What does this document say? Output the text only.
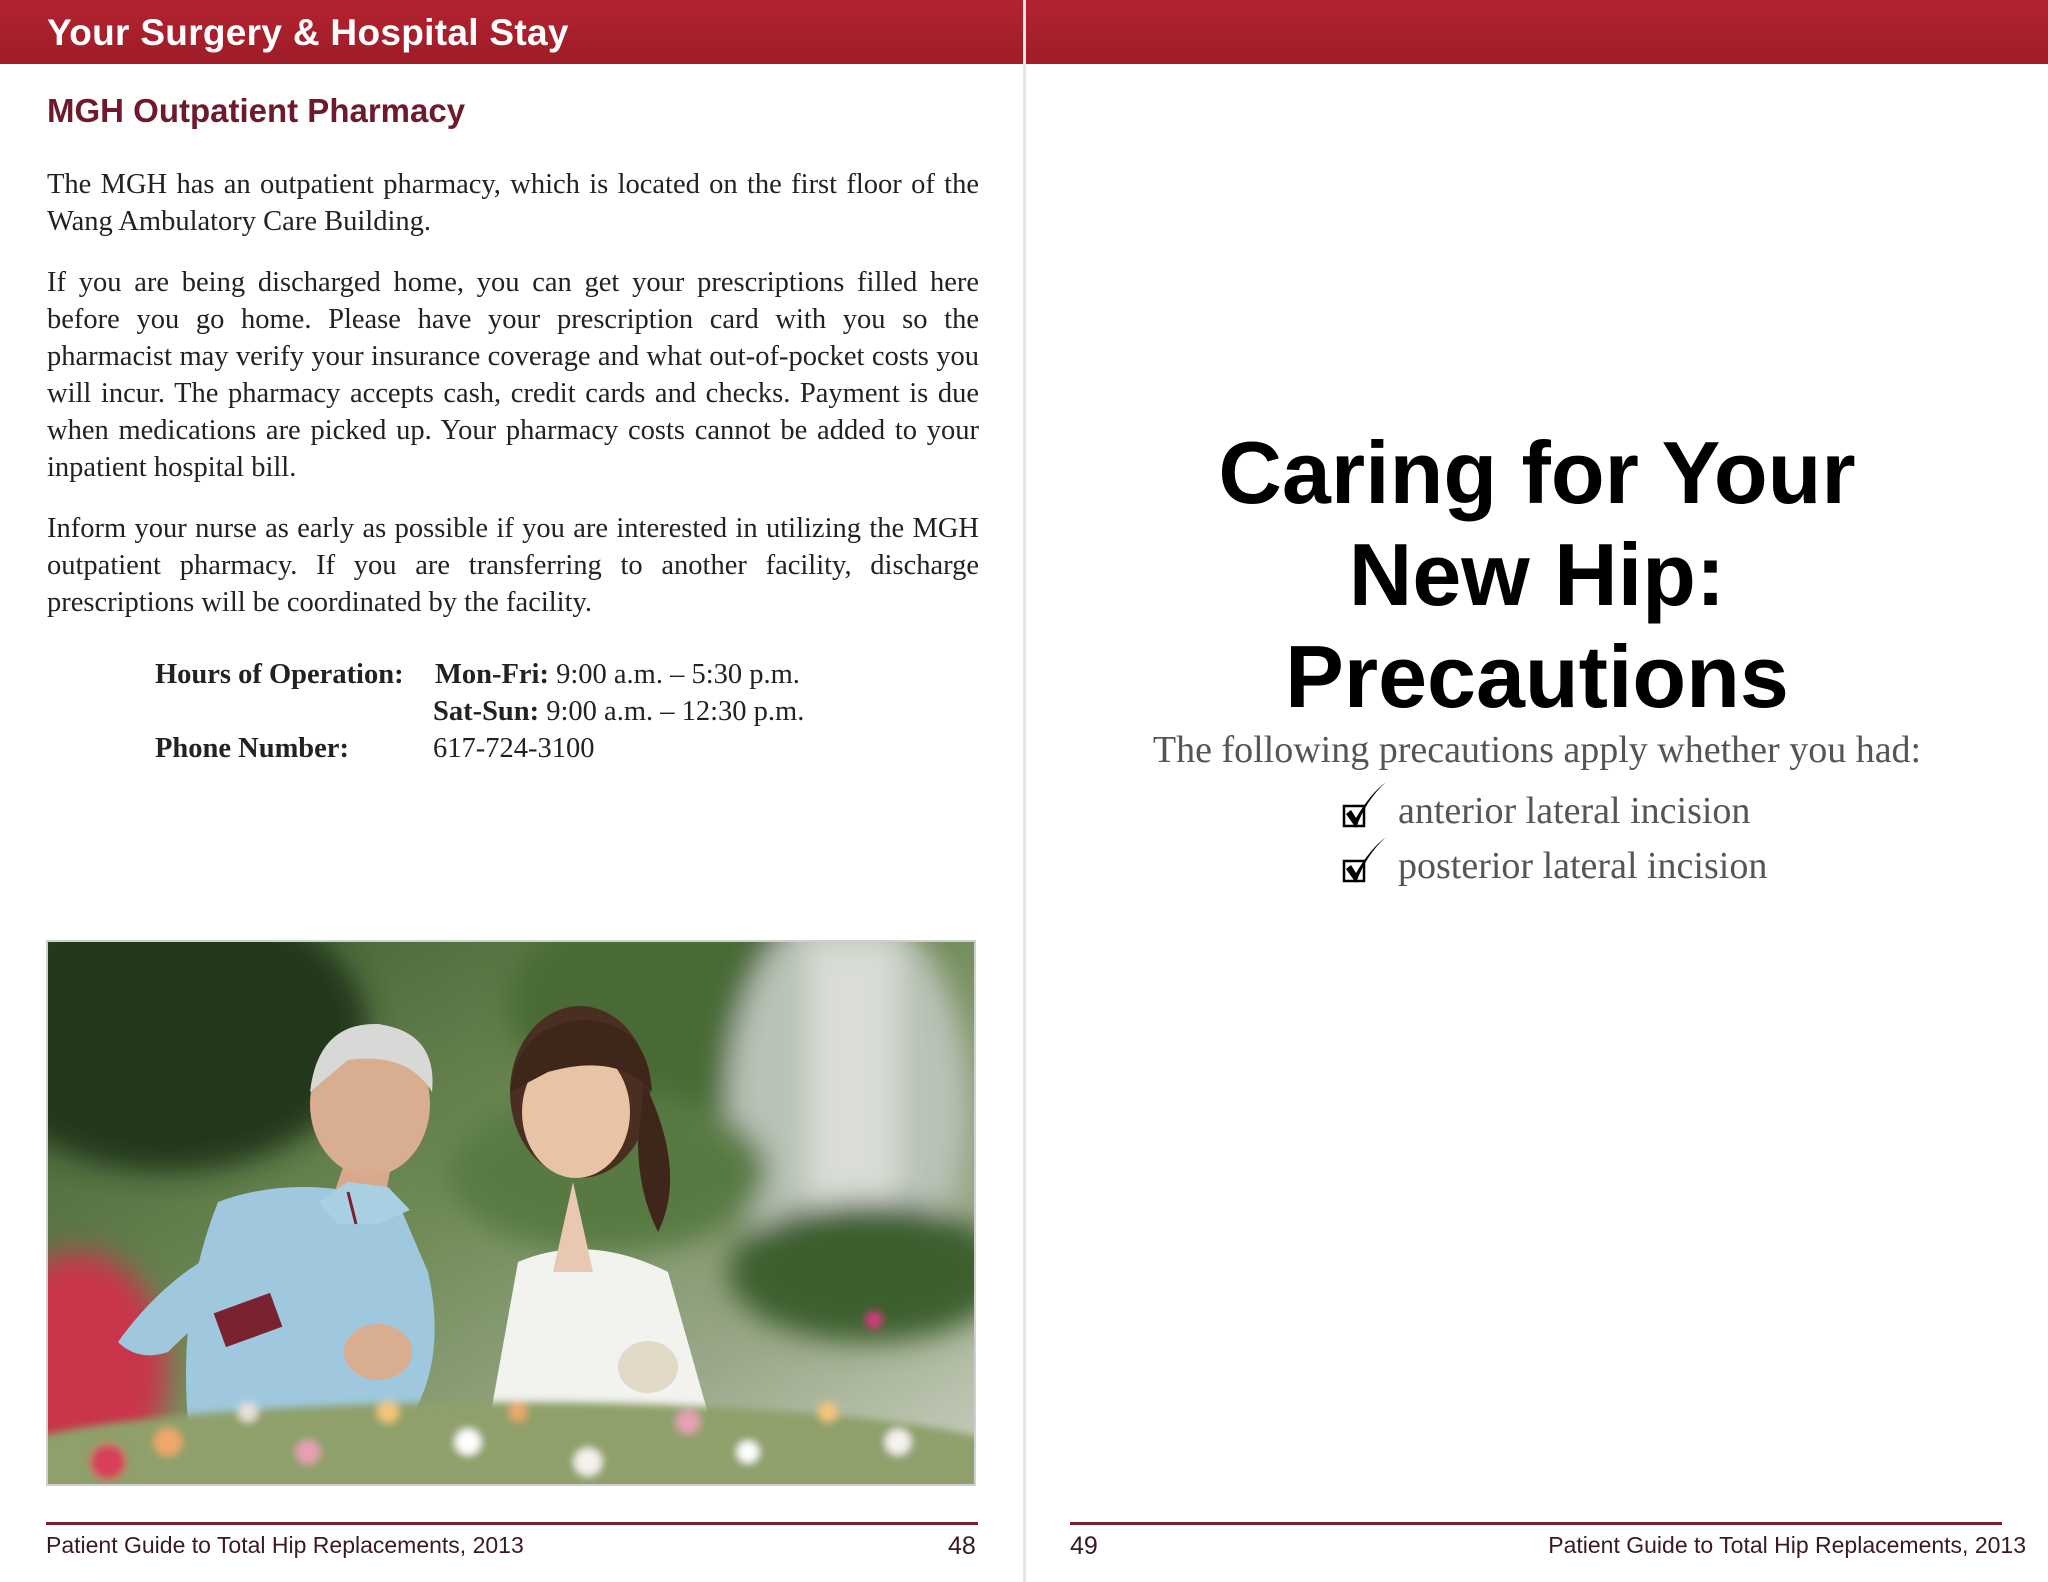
Your Surgery & Hospital Stay
MGH Outpatient Pharmacy

The MGH has an outpatient pharmacy, which is located on the first floor of the Wang Ambulatory Care Building.

If you are being discharged home, you can get your prescriptions filled here before you go home. Please have your prescription card with you so the pharmacist may verify your insurance coverage and what out-of-pocket costs you will incur. The pharmacy accepts cash, credit cards and checks. Payment is due when medications are picked up. Your pharmacy costs cannot be added to your inpatient hospital bill.

Inform your nurse as early as possible if you are interested in utilizing the MGH outpatient pharmacy. If you are transferring to another facility, discharge prescriptions will be coordinated by the facility.

Hours of Operation: Mon-Fri: 9:00 a.m. – 5:30 p.m.
Sat-Sun: 9:00 a.m. – 12:30 p.m.
Phone Number:	617-724-3100
Patient Guide to Total Hip Replacements, 2013	48
Caring for Your
New Hip:
Precautions
The following precautions apply whether you had:
anterior lateral incision
posterior lateral incision
49	Patient Guide to Total Hip Replacements, 2013
